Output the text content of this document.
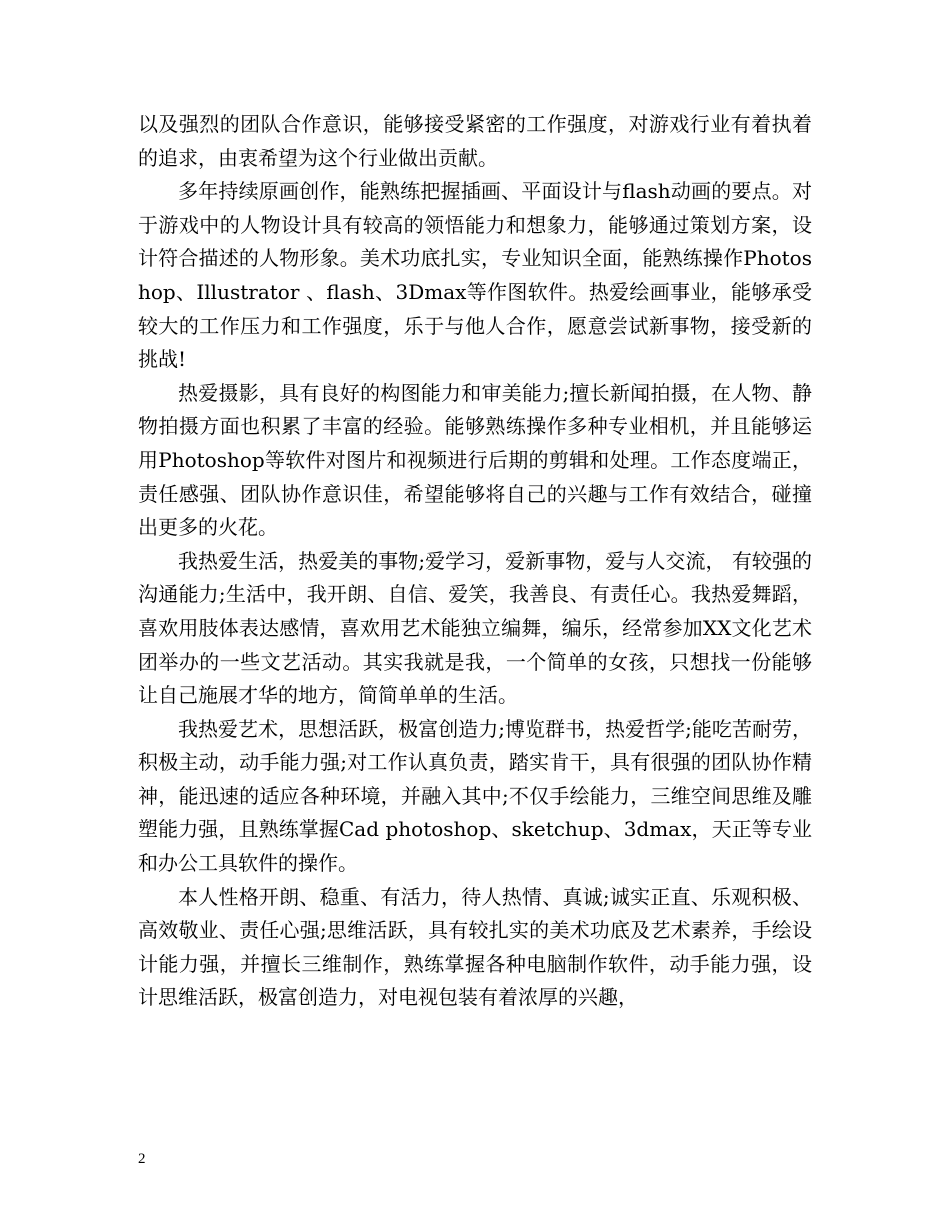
以及强烈的团队合作意识，能够接受紧密的工作强度，对游戏行业有着执着的追求，由衷希望为这个行业做出贡献。

多年持续原画创作，能熟练把握插画、平面设计与flash动画的要点。对于游戏中的人物设计具有较高的领悟能力和想象力，能够通过策划方案，设计符合描述的人物形象。美术功底扎实，专业知识全面，能熟练操作Photoshop、Illustrator 、flash、3Dmax等作图软件。热爱绘画事业，能够承受较大的工作压力和工作强度，乐于与他人合作，愿意尝试新事物，接受新的挑战!

热爱摄影，具有良好的构图能力和审美能力;擅长新闻拍摄，在人物、静物拍摄方面也积累了丰富的经验。能够熟练操作多种专业相机，并且能够运用Photoshop等软件对图片和视频进行后期的剪辑和处理。工作态度端正，责任感强、团队协作意识佳，希望能够将自己的兴趣与工作有效结合，碰撞出更多的火花。

我热爱生活，热爱美的事物;爱学习，爱新事物，爱与人交流， 有较强的沟通能力;生活中，我开朗、自信、爱笑，我善良、有责任心。我热爱舞蹈，喜欢用肢体表达感情，喜欢用艺术能独立编舞，编乐，经常参加XX文化艺术团举办的一些文艺活动。其实我就是我，一个简单的女孩，只想找一份能够让自己施展才华的地方，简简单单的生活。

我热爱艺术，思想活跃，极富创造力;博览群书，热爱哲学;能吃苦耐劳，积极主动，动手能力强;对工作认真负责，踏实肯干，具有很强的团队协作精神，能迅速的适应各种环境，并融入其中;不仅手绘能力，三维空间思维及雕塑能力强，且熟练掌握Cad photoshop、sketchup、3dmax，天正等专业和办公工具软件的操作。

本人性格开朗、稳重、有活力，待人热情、真诚;诚实正直、乐观积极、高效敬业、责任心强;思维活跃，具有较扎实的美术功底及艺术素养，手绘设计能力强，并擅长三维制作，熟练掌握各种电脑制作软件，动手能力强，设计思维活跃，极富创造力，对电视包装有着浓厚的兴趣，

2
